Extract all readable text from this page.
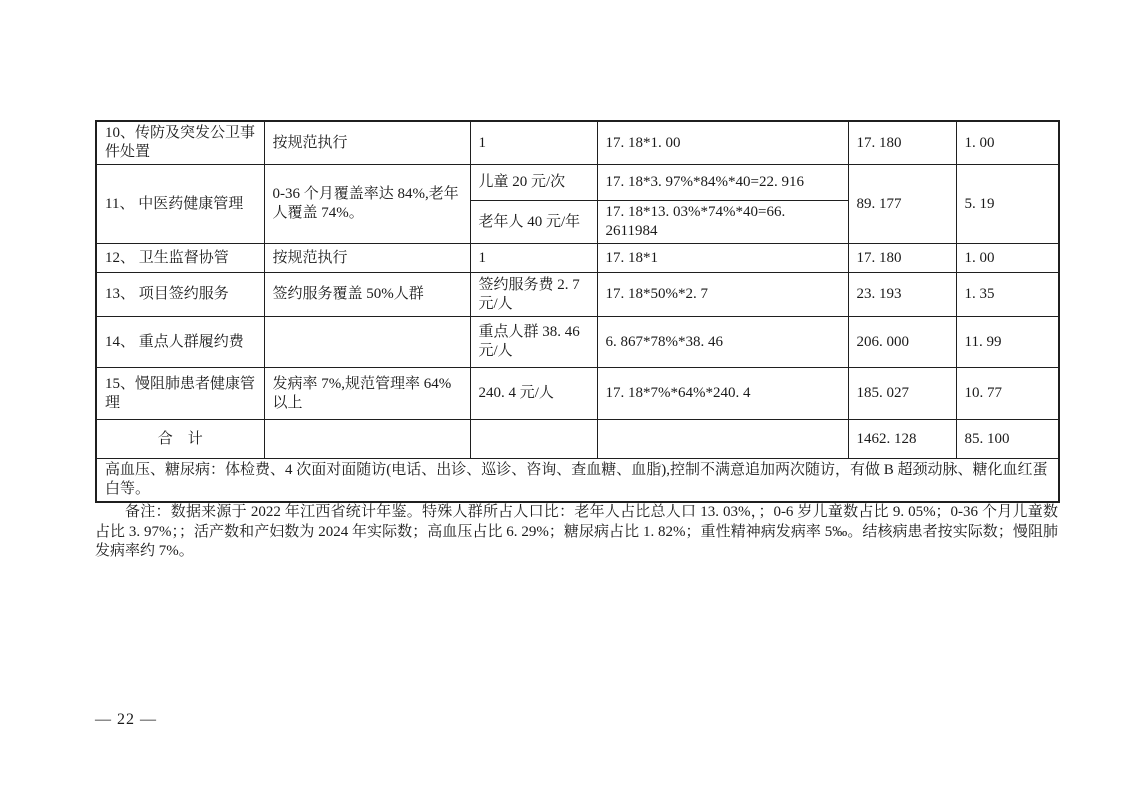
10、传防及突发公卫事件处置	按规范执行	1	17. 18*1. 00	17. 180	1. 00
11、 中医药健康管理	0-36 个月覆盖率达 84%,老年人覆盖 74%。	儿童 20 元/次	17. 18*3. 97%*84%*40=22. 916	89. 177	5. 19
		老年人 40 元/年	17. 18*13. 03%*74%*40=66. 2611984		
12、 卫生监督协管	按规范执行	1	17. 18*1	17. 180	1. 00
13、 项目签约服务	签约服务覆盖 50%人群	签约服务费 2. 7 元/人	17. 18*50%*2. 7	23. 193	1. 35
14、 重点人群履约费		重点人群 38. 46 元/人	6. 867*78%*38. 46	206. 000	11. 99
15、慢阻肺患者健康管理	发病率 7%,规范管理率 64%以上	240. 4 元/人	17. 18*7%*64%*240. 4	185. 027	10. 77
合　计				1462. 128	85. 100
高血压、糖尿病：体检费、4 次面对面随访(电话、出诊、巡诊、咨询、查血糖、血脂),控制不满意追加两次随访，有做 B 超颈动脉、糖化血红蛋白等。					

备注：数据来源于 2022 年江西省统计年鉴。特殊人群所占人口比：老年人占比总人口 13. 03%，；0-6 岁儿童数占比 9. 05%；0-36 个月儿童数占比 3. 97%；；活产数和产妇数为 2024 年实际数；高血压占比 6. 29%；糖尿病占比 1. 82%；重性精神病发病率 5‰。结核病患者按实际数；慢阻肺发病率约 7%。

— 22 —
